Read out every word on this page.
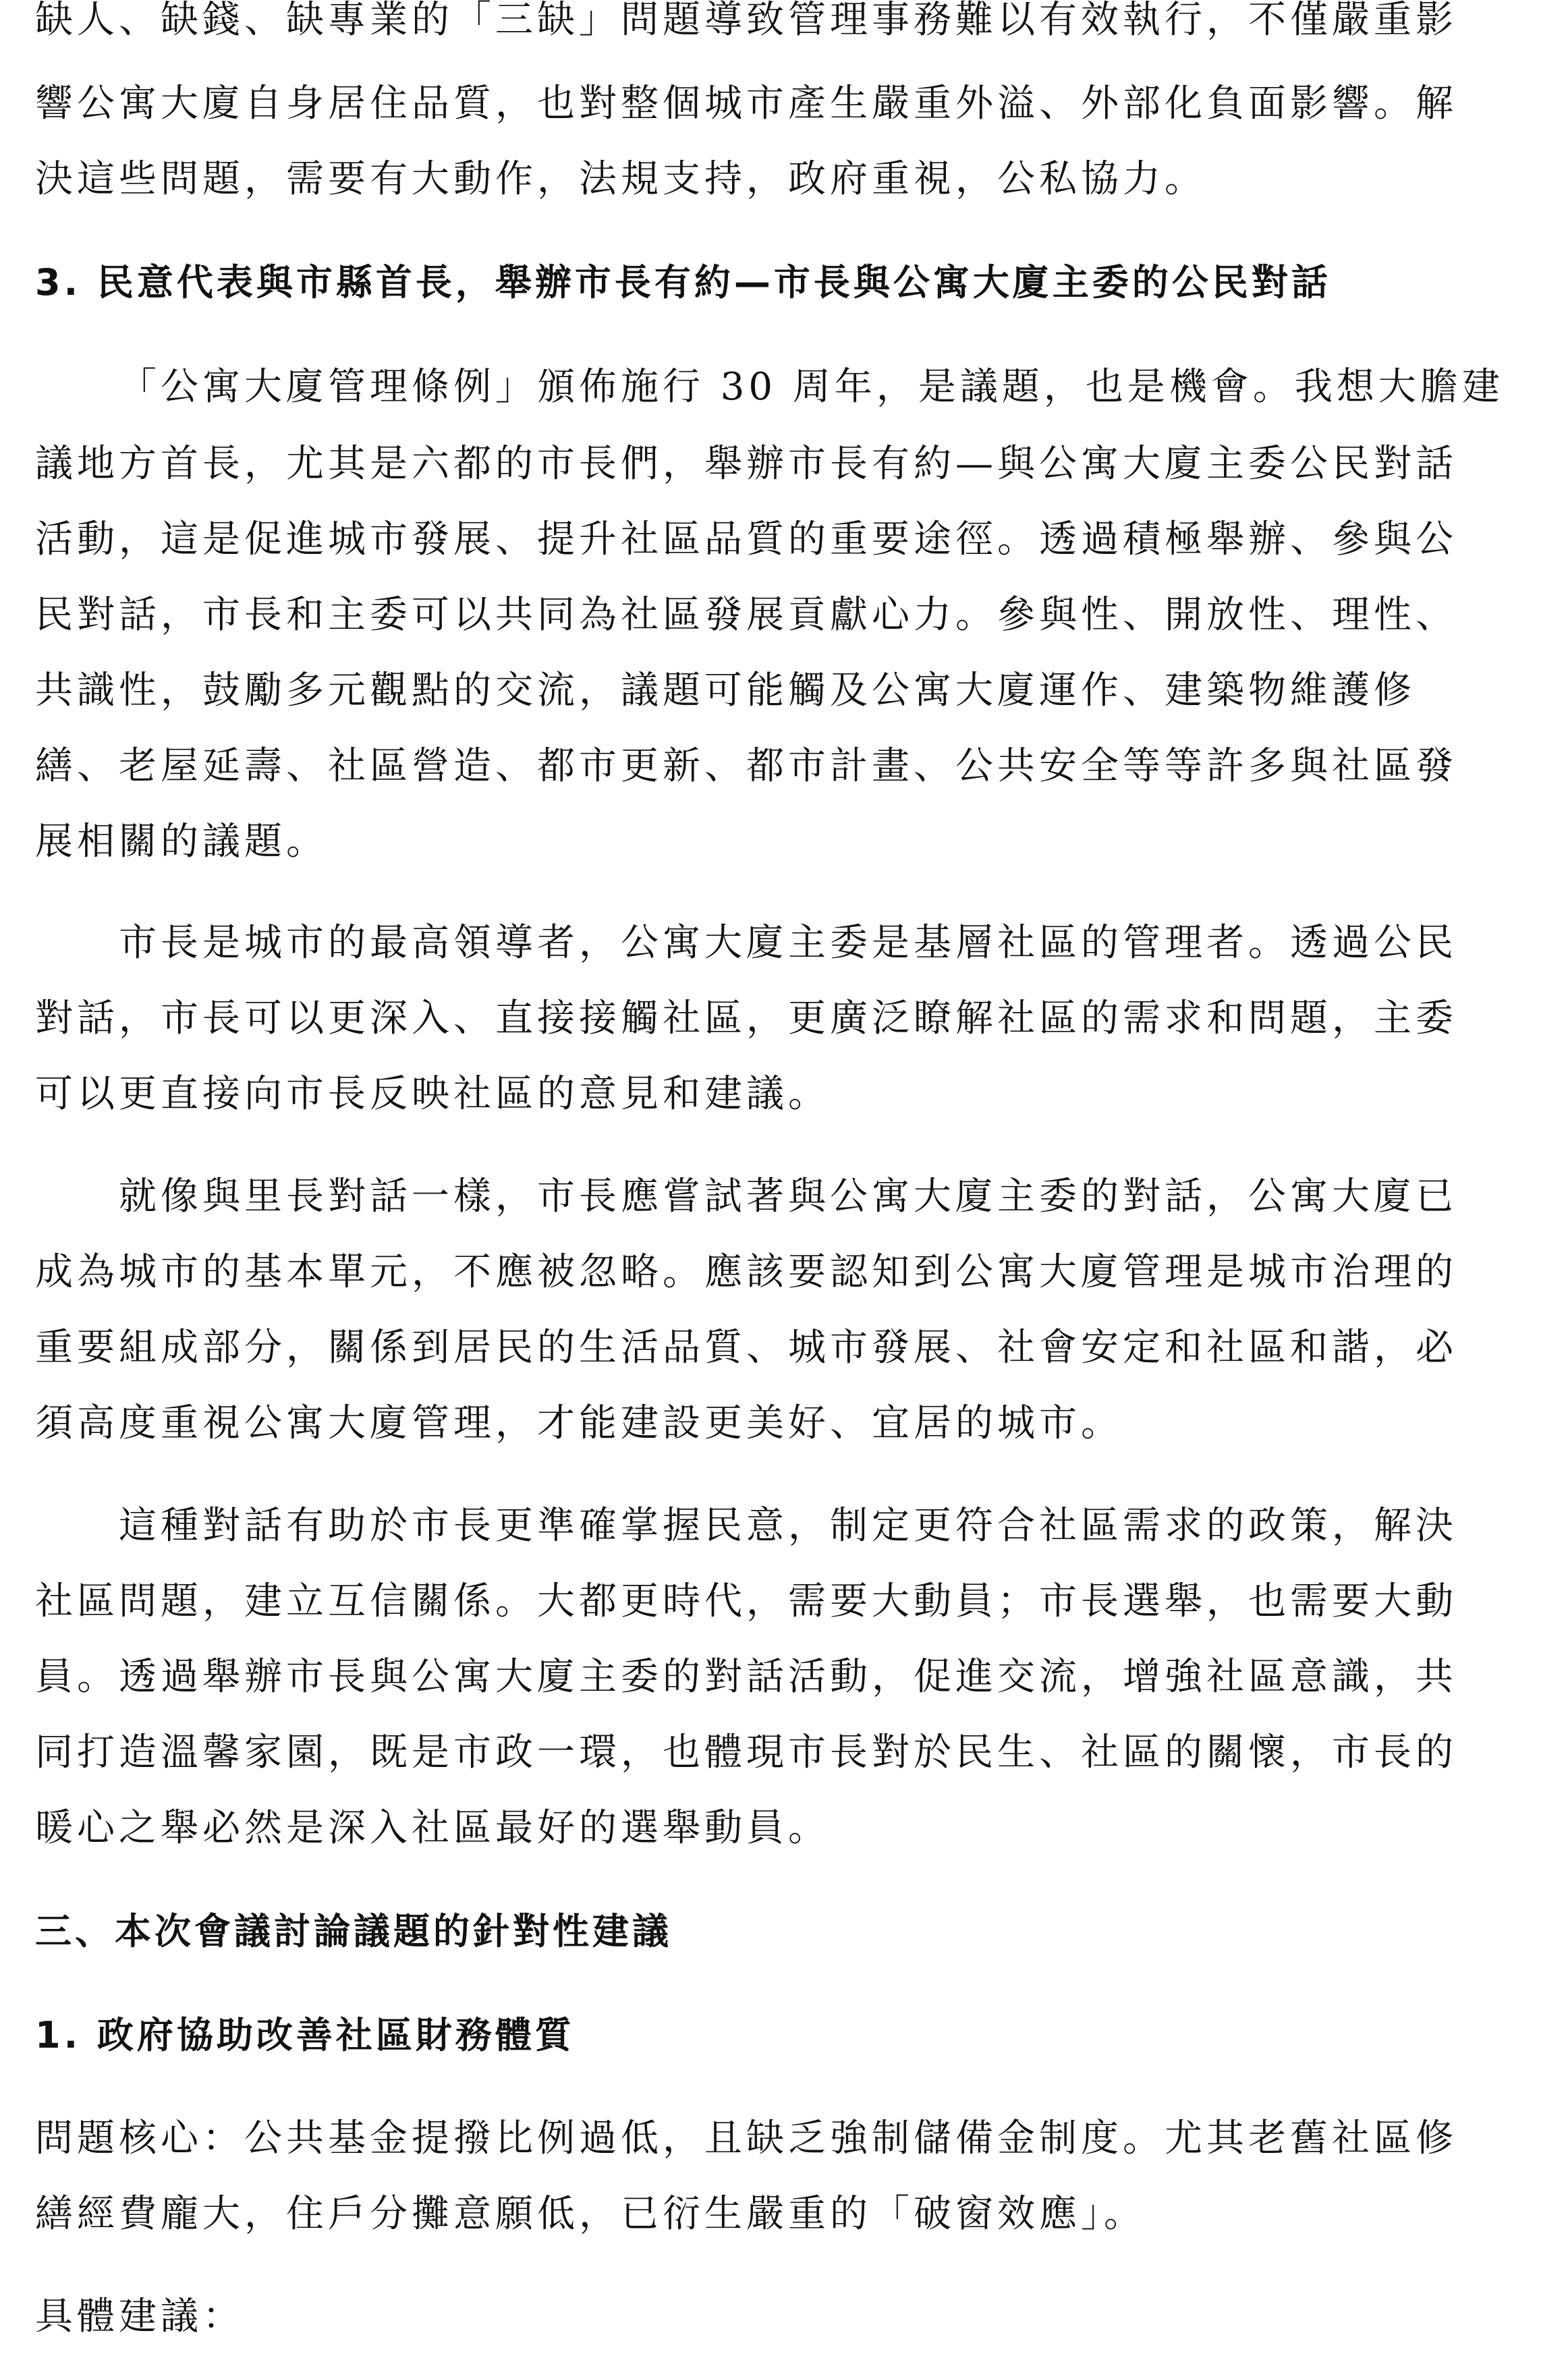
缺人、缺錢、缺專業的「三缺」問題導致管理事務難以有效執行，不僅嚴重影
響公寓大廈自身居住品質，也對整個城市產生嚴重外溢、外部化負面影響。解
決這些問題，需要有大動作，法規支持，政府重視，公私協力。
3. 民意代表與市縣首長，舉辦市長有約—市長與公寓大廈主委的公民對話
「公寓大廈管理條例」頒佈施行 30 周年，是議題，也是機會。我想大膽建
議地方首長，尤其是六都的市長們，舉辦市長有約—與公寓大廈主委公民對話
活動，這是促進城市發展、提升社區品質的重要途徑。透過積極舉辦、參與公
民對話，市長和主委可以共同為社區發展貢獻心力。參與性、開放性、理性、
共識性，鼓勵多元觀點的交流，議題可能觸及公寓大廈運作、建築物維護修
繕、老屋延壽、社區營造、都市更新、都市計畫、公共安全等等許多與社區發
展相關的議題。
市長是城市的最高領導者，公寓大廈主委是基層社區的管理者。透過公民
對話，市長可以更深入、直接接觸社區，更廣泛瞭解社區的需求和問題，主委
可以更直接向市長反映社區的意見和建議。
就像與里長對話一樣，市長應嘗試著與公寓大廈主委的對話，公寓大廈已
成為城市的基本單元，不應被忽略。應該要認知到公寓大廈管理是城市治理的
重要組成部分，關係到居民的生活品質、城市發展、社會安定和社區和諧，必
須高度重視公寓大廈管理，才能建設更美好、宜居的城市。
這種對話有助於市長更準確掌握民意，制定更符合社區需求的政策，解決
社區問題，建立互信關係。大都更時代，需要大動員；市長選舉，也需要大動
員。透過舉辦市長與公寓大廈主委的對話活動，促進交流，增強社區意識，共
同打造溫馨家園，既是市政一環，也體現市長對於民生、社區的關懷，市長的
暖心之舉必然是深入社區最好的選舉動員。
三、本次會議討論議題的針對性建議
1. 政府協助改善社區財務體質
問題核心：公共基金提撥比例過低，且缺乏強制儲備金制度。尤其老舊社區修
繕經費龐大，住戶分攤意願低，已衍生嚴重的「破窗效應」。
具體建議：
